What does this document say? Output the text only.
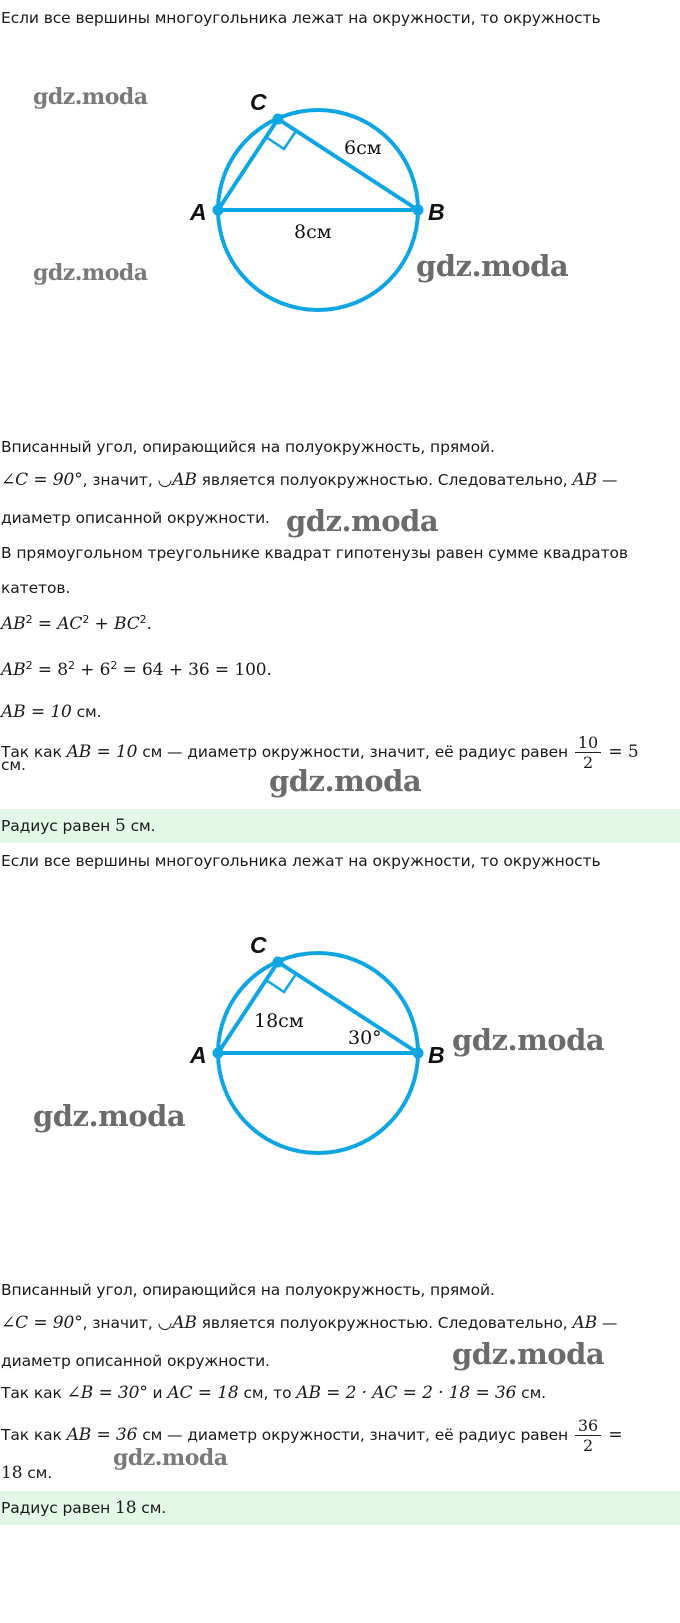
Если все вершины многоугольника лежат на окружности, то окружность
A	B
C
6см
8см
gdz.moda
gdz.moda	gdz.moda
Вписанный угол, опирающийся на полуокружность, прямой.
∠C = 90°, значит, ◡AB является полуокружностью. Следовательно, AB —
диаметр описанной окружности. gdz.moda
В прямоугольном треугольнике квадрат гипотенузы равен сумме квадратов
катетов.
$AB^2 = AC^2 + BC^2$.
$AB^2 = 8^2 + 6^2 = 64 + 36 = 100$.
AB = 10 см.
Так как AB = 10 см — диаметр окружности, значит, её радиус равен $\frac{10}{2} = 5$
см.	gdz.moda
Радиус равен 5 см.
Если все вершины многоугольника лежат на окружности, то окружность
A	B
C
18см
30° gdz.moda
gdz.moda
Вписанный угол, опирающийся на полуокружность, прямой.
∠C = 90°, значит, ◡AB является полуокружностью. Следовательно, AB —
диаметр описанной окружности.	gdz.moda
Так как ∠B = 30° и AC = 18 см, то AB = 2 · AC = 2 · 18 = 36 см.
Так как AB = 36 см — диаметр окружности, значит, её радиус равен $\frac{36}{2}$ =
18 см.
gdz.moda
Радиус равен 18 см.
